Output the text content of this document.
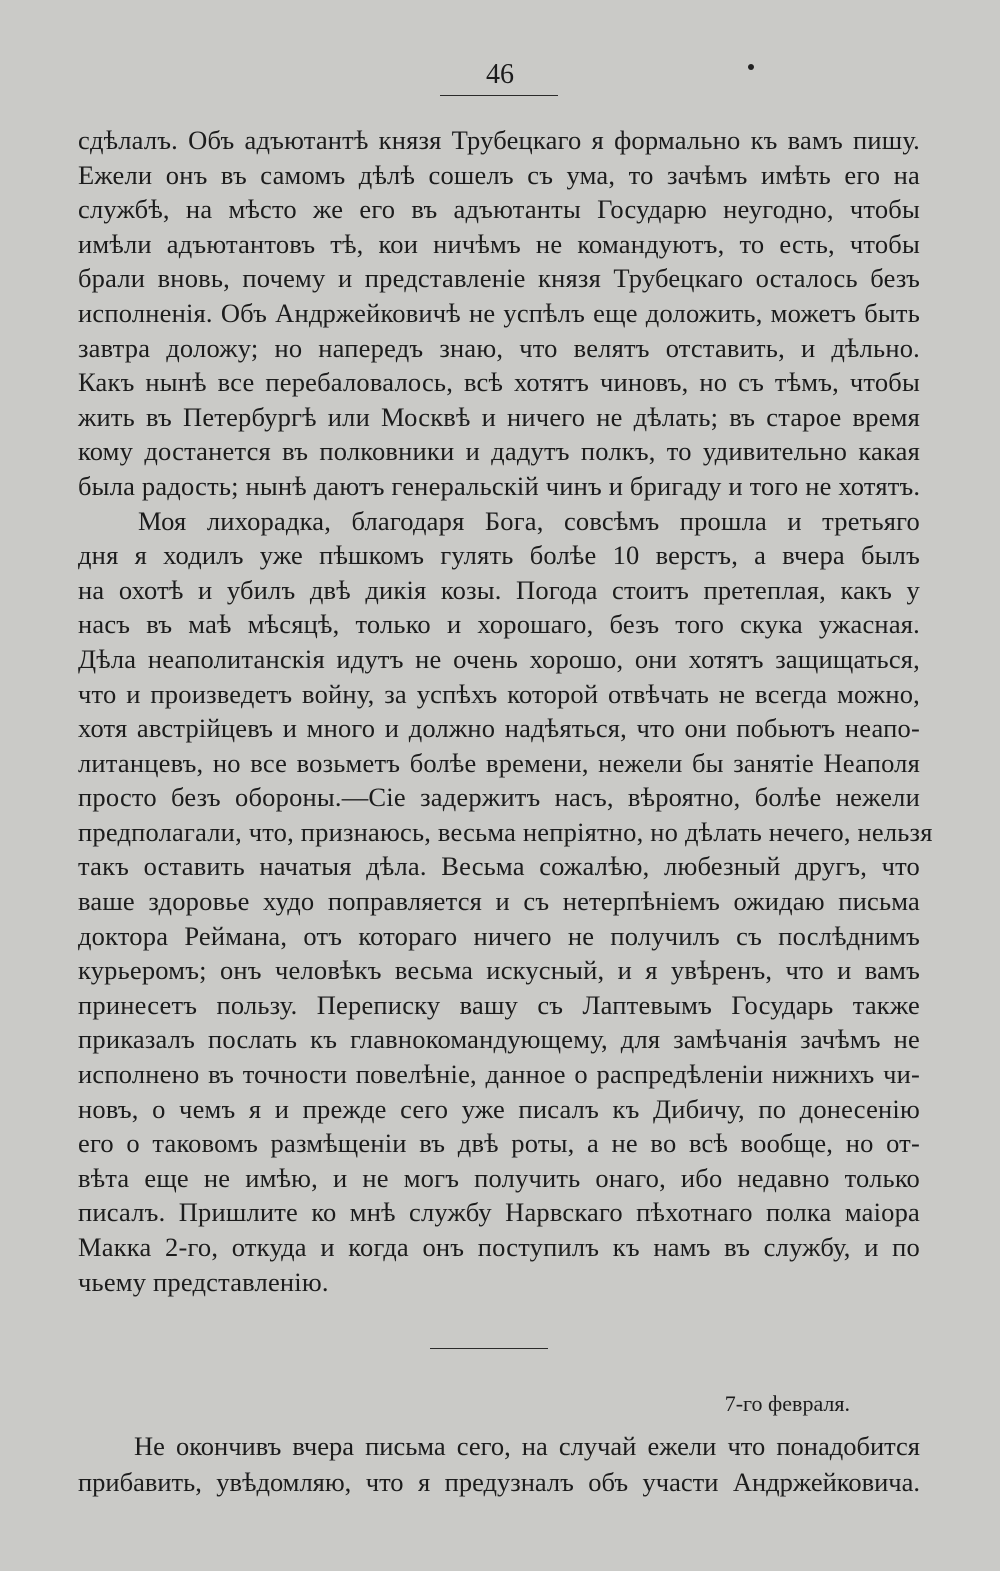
46
сдѣлалъ. Объ адъютантѣ князя Трубецкаго я формально къ вамъ пишу.
Ежели онъ въ самомъ дѣлѣ сошелъ съ ума, то зачѣмъ имѣть его на
службѣ, на мѣсто же его въ адъютанты Государю неугодно, чтобы
имѣли адъютантовъ тѣ, кои ничѣмъ не командуютъ, то есть, чтобы
брали вновь, почему и представленіе князя Трубецкаго осталось безъ
исполненія. Объ Андржейковичѣ не успѣлъ еще доложить, можетъ быть
завтра доложу; но напередъ знаю, что велятъ отставить, и дѣльно.
Какъ нынѣ все перебаловалось, всѣ хотятъ чиновъ, но съ тѣмъ, чтобы
жить въ Петербургѣ или Москвѣ и ничего не дѣлать; въ старое время
кому достанется въ полковники и дадутъ полкъ, то удивительно какая
была радость; нынѣ даютъ генеральскій чинъ и бригаду и того не хотятъ.
Моя лихорадка, благодаря Бога, совсѣмъ прошла и третьяго
дня я ходилъ уже пѣшкомъ гулять болѣе 10 верстъ, а вчера былъ
на охотѣ и убилъ двѣ дикія козы. Погода стоитъ претеплая, какъ у
насъ въ маѣ мѣсяцѣ, только и хорошаго, безъ того скука ужасная.
Дѣла неаполитанскія идутъ не очень хорошо, они хотятъ защищаться,
что и произведетъ войну, за успѣхъ которой отвѣчать не всегда можно,
хотя австрійцевъ и много и должно надѣяться, что они побьютъ неапо-
литанцевъ, но все возьметъ болѣе времени, нежели бы занятіе Неаполя
просто безъ обороны.—Сіе задержитъ насъ, вѣроятно, болѣе нежели
предполагали, что, признаюсь, весьма непріятно, но дѣлать нечего, нельзя
такъ оставить начатыя дѣла. Весьма сожалѣю, любезный другъ, что
ваше здоровье худо поправляется и съ нетерпѣніемъ ожидаю письма
доктора Реймана, отъ котораго ничего не получилъ съ послѣднимъ
курьеромъ; онъ человѣкъ весьма искусный, и я увѣренъ, что и вамъ
принесетъ пользу. Переписку вашу съ Лаптевымъ Государь также
приказалъ послать къ главнокомандующему, для замѣчанія зачѣмъ не
исполнено въ точности повелѣніе, данное о распредѣленіи нижнихъ чи-
новъ, о чемъ я и прежде сего уже писалъ къ Дибичу, по донесенію
его о таковомъ размѣщеніи въ двѣ роты, а не во всѣ вообще, но от-
вѣта еще не имѣю, и не могъ получить онаго, ибо недавно только
писалъ. Пришлите ко мнѣ службу Нарвскаго пѣхотнаго полка маіора
Макка 2-го, откуда и когда онъ поступилъ къ намъ въ службу, и по
чьему представленію.
7-го февраля.
Не окончивъ вчера письма сего, на случай ежели что понадобится
прибавить, увѣдомляю, что я предузналъ объ участи Андржейковича.
